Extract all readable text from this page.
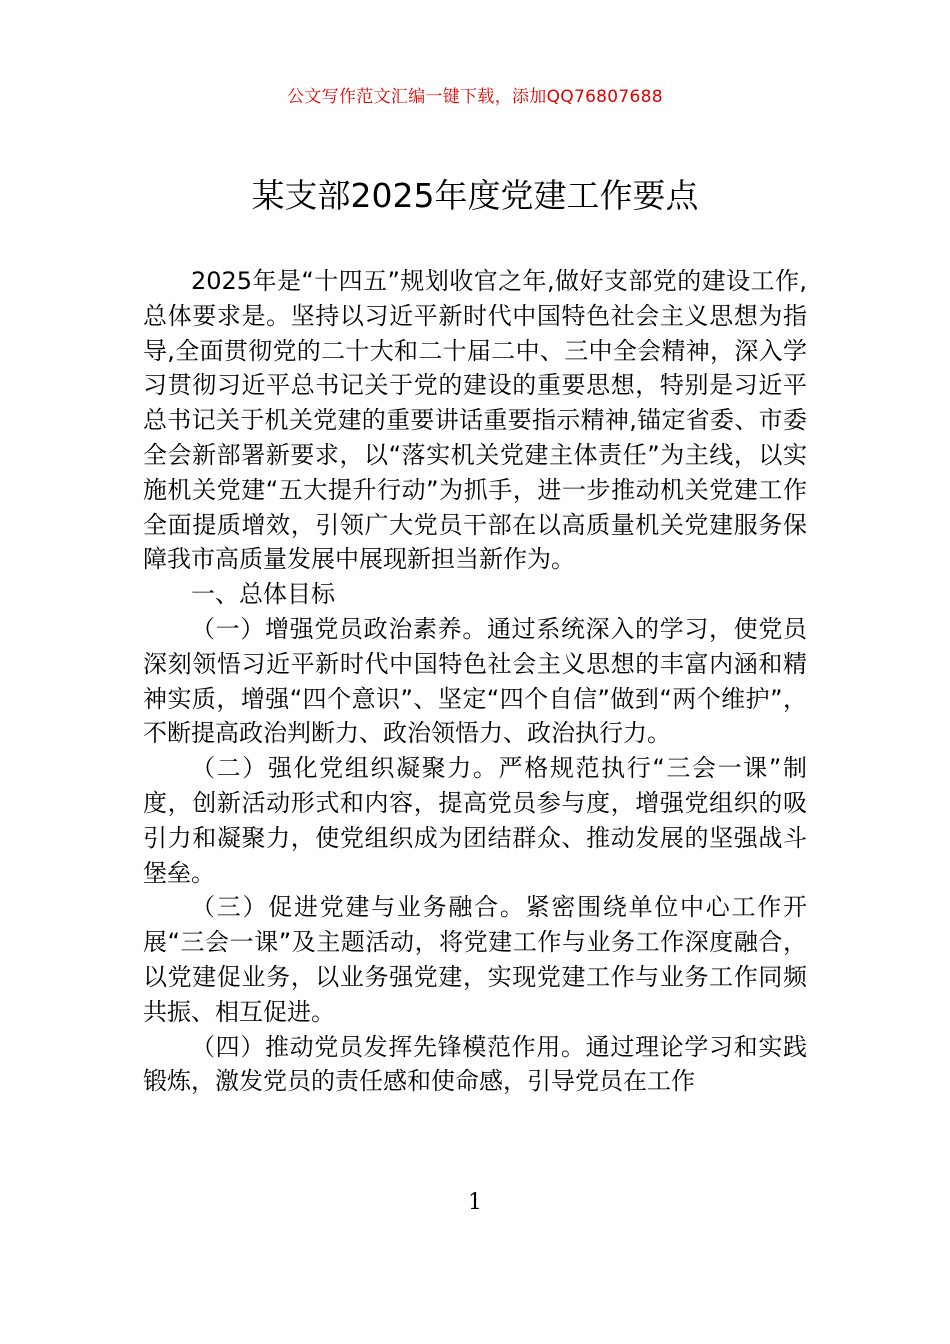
公文写作范文汇编一键下载，添加QQ76807688
某支部2025年度党建工作要点

2025年是“十四五”规划收官之年,做好支部党的建设工作,总体要求是。坚持以习近平新时代中国特色社会主义思想为指导,全面贯彻党的二十大和二十届二中、三中全会精神，深入学习贯彻习近平总书记关于党的建设的重要思想，特别是习近平总书记关于机关党建的重要讲话重要指示精神,锚定省委、市委全会新部署新要求，以“落实机关党建主体责任”为主线，以实施机关党建“五大提升行动”为抓手，进一步推动机关党建工作全面提质增效，引领广大党员干部在以高质量机关党建服务保障我市高质量发展中展现新担当新作为。

一、总体目标

（一）增强党员政治素养。通过系统深入的学习，使党员深刻领悟习近平新时代中国特色社会主义思想的丰富内涵和精神实质，增强“四个意识”、坚定“四个自信”做到“两个维护”，不断提高政治判断力、政治领悟力、政治执行力。

（二）强化党组织凝聚力。严格规范执行“三会一课”制度，创新活动形式和内容，提高党员参与度，增强党组织的吸引力和凝聚力，使党组织成为团结群众、推动发展的坚强战斗堡垒。

（三）促进党建与业务融合。紧密围绕单位中心工作开展“三会一课”及主题活动，将党建工作与业务工作深度融合，以党建促业务，以业务强党建，实现党建工作与业务工作同频共振、相互促进。

（四）推动党员发挥先锋模范作用。通过理论学习和实践锻炼，激发党员的责任感和使命感，引导党员在工作

1
